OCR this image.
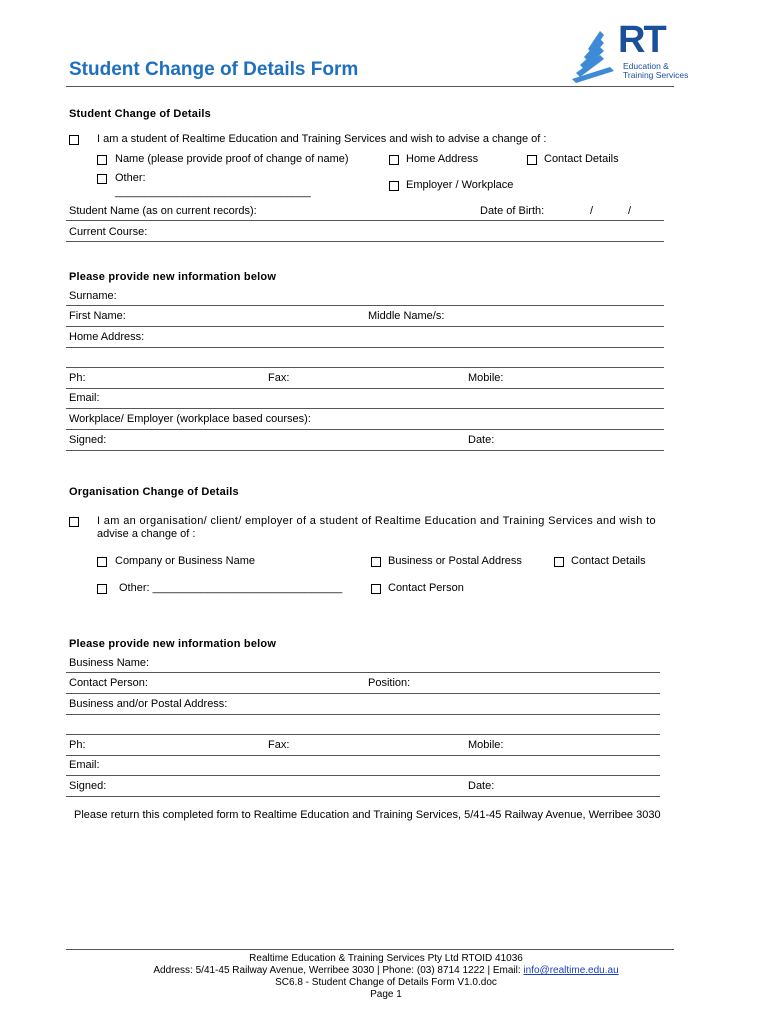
Student Change of Details Form
RT
Education &
Training Services
Student Change of Details
I am a student of Realtime Education and Training Services and wish to advise a change of :
Name (please provide proof of change of name)	Home Address	Contact Details
Other:
________________________________
Employer / Workplace
Student Name (as on current records):	Date of Birth:	/	/
Current Course:
Please provide new information below
Surname:
First Name:	Middle Name/s:
Home Address:
Ph:	Fax:	Mobile:
Email:
Workplace/ Employer (workplace based courses):
Signed:	Date:
Organisation Change of Details
I am an organisation/ client/ employer of a student of Realtime Education and Training Services and wish to
advise a change of :
Company or Business Name	Business or Postal Address	Contact Details
Other: _______________________________	Contact Person
Please provide new information below
Business Name:
Contact Person:	Position:
Business and/or Postal Address:
Ph:	Fax:	Mobile:
Email:
Signed:	Date:
Please return this completed form to Realtime Education and Training Services, 5/41-45 Railway Avenue, Werribee 3030
Realtime Education & Training Services Pty Ltd RTOID 41036
Address: 5/41-45 Railway Avenue, Werribee 3030 | Phone: (03) 8714 1222 | Email: info@realtime.edu.au
SC6.8 - Student Change of Details Form V1.0.doc
Page 1
